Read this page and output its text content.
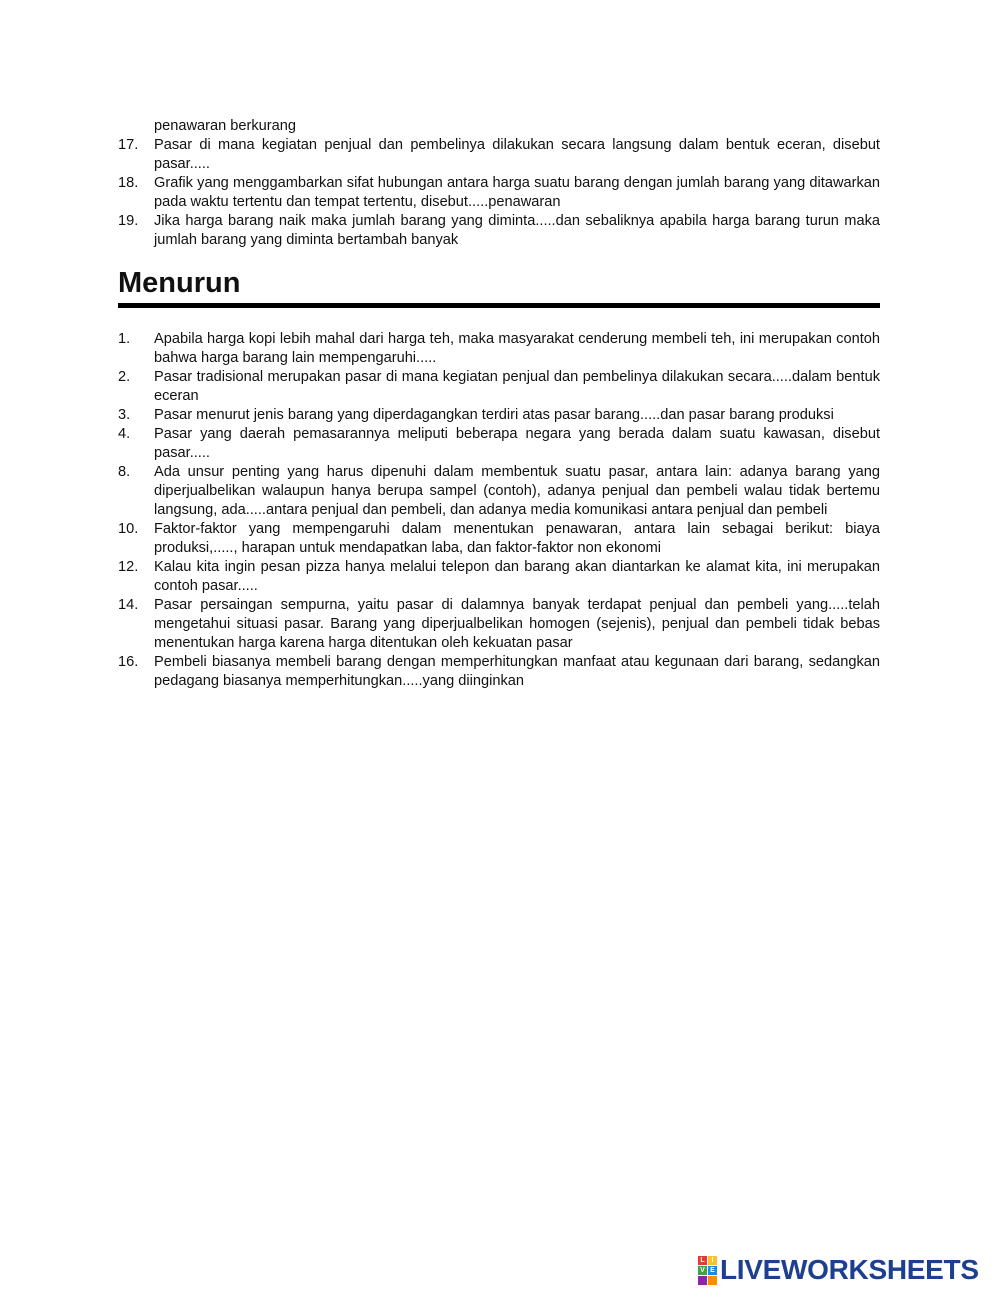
penawaran berkurang
17.	Pasar di mana kegiatan penjual dan pembelinya dilakukan secara langsung dalam bentuk eceran, disebut pasar.....
18.	Grafik yang menggambarkan sifat hubungan antara harga suatu barang dengan jumlah barang yang ditawarkan pada waktu tertentu dan tempat tertentu, disebut.....penawaran
19.	Jika harga barang naik maka jumlah barang yang diminta.....dan sebaliknya apabila harga barang turun maka jumlah barang yang diminta bertambah banyak
Menurun
1.	Apabila harga kopi lebih mahal dari harga teh, maka masyarakat cenderung membeli teh, ini merupakan contoh bahwa harga barang lain mempengaruhi.....
2.	Pasar tradisional merupakan pasar di mana kegiatan penjual dan pembelinya dilakukan secara.....dalam bentuk eceran
3.	Pasar menurut jenis barang yang diperdagangkan terdiri atas pasar barang.....dan pasar barang produksi
4.	Pasar yang daerah pemasarannya meliputi beberapa negara yang berada dalam suatu kawasan, disebut pasar.....
8.	Ada unsur penting yang harus dipenuhi dalam membentuk suatu pasar, antara lain: adanya barang yang diperjualbelikan walaupun hanya berupa sampel (contoh), adanya penjual dan pembeli walau tidak bertemu langsung, ada.....antara penjual dan pembeli, dan adanya media komunikasi antara penjual dan pembeli
10.	Faktor-faktor yang mempengaruhi dalam menentukan penawaran, antara lain sebagai berikut: biaya produksi,....., harapan untuk mendapatkan laba, dan faktor-faktor non ekonomi
12.	Kalau kita ingin pesan pizza hanya melalui telepon dan barang akan diantarkan ke alamat kita, ini merupakan contoh pasar.....
14.	Pasar persaingan sempurna, yaitu pasar di dalamnya banyak terdapat penjual dan pembeli yang.....telah mengetahui situasi pasar. Barang yang diperjualbelikan homogen (sejenis), penjual dan pembeli tidak bebas menentukan harga karena harga ditentukan oleh kekuatan pasar
16.	Pembeli biasanya membeli barang dengan memperhitungkan manfaat atau kegunaan dari barang, sedangkan pedagang biasanya memperhitungkan.....yang diinginkan
L I
V E LIVEWORKSHEETS
